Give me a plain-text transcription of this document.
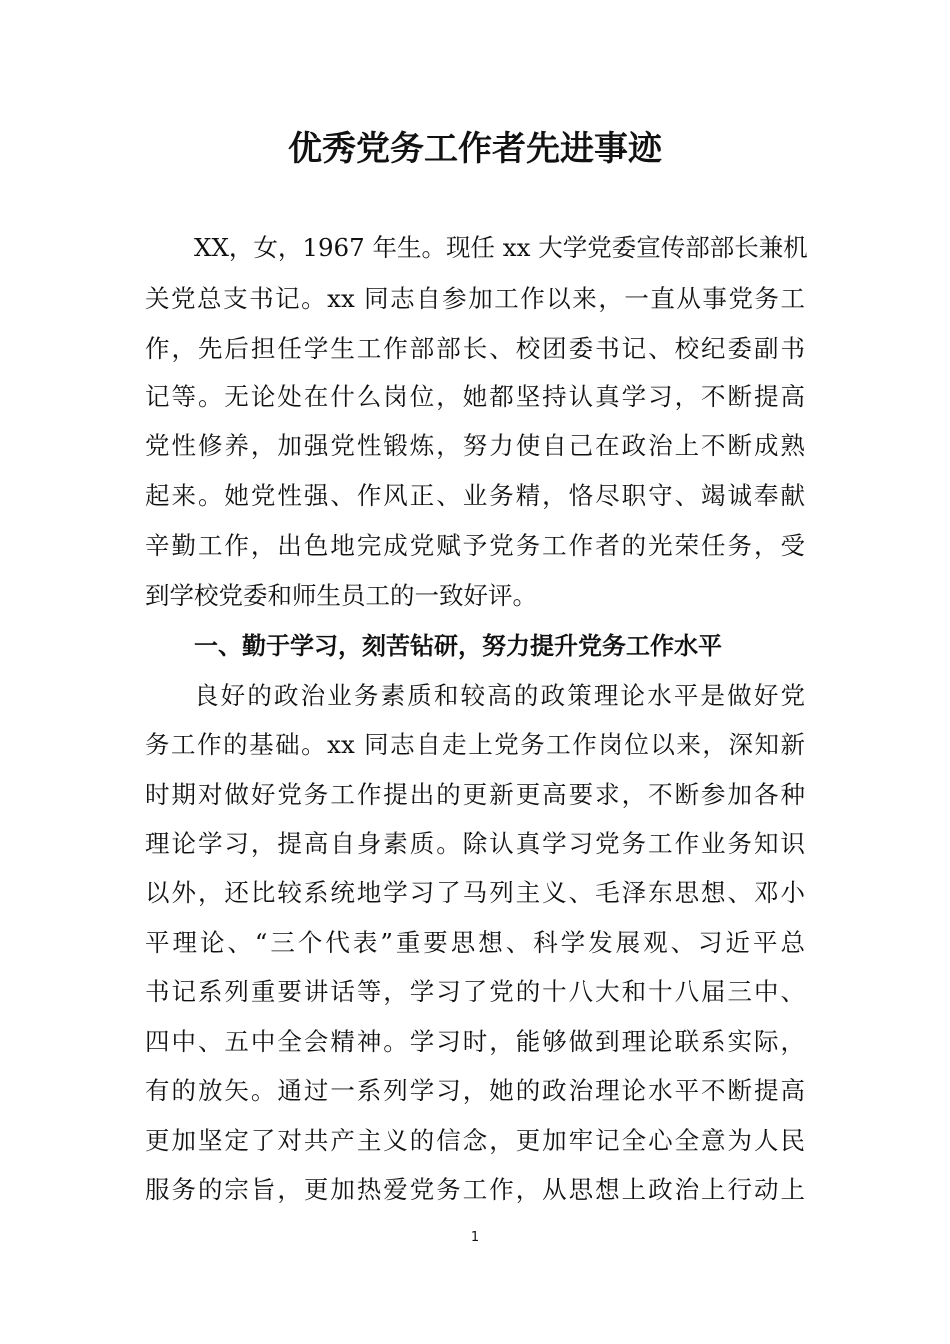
优秀党务工作者先进事迹

XX，女，1967 年生。现任 xx 大学党委宣传部部长兼机

关党总支书记。xx 同志自参加工作以来，一直从事党务工

作，先后担任学生工作部部长、校团委书记、校纪委副书

记等。无论处在什么岗位，她都坚持认真学习，不断提高

党性修养，加强党性锻炼，努力使自己在政治上不断成熟

起来。她党性强、作风正、业务精，恪尽职守、竭诚奉献

辛勤工作，出色地完成党赋予党务工作者的光荣任务，受

到学校党委和师生员工的一致好评。

一、勤于学习，刻苦钻研，努力提升党务工作水平

良好的政治业务素质和较高的政策理论水平是做好党

务工作的基础。xx 同志自走上党务工作岗位以来，深知新

时期对做好党务工作提出的更新更高要求，不断参加各种

理论学习，提高自身素质。除认真学习党务工作业务知识

以外，还比较系统地学习了马列主义、毛泽东思想、邓小

平理论、“三个代表”重要思想、科学发展观、习近平总

书记系列重要讲话等，学习了党的十八大和十八届三中、

四中、五中全会精神。学习时，能够做到理论联系实际，

有的放矢。通过一系列学习，她的政治理论水平不断提高

更加坚定了对共产主义的信念，更加牢记全心全意为人民

服务的宗旨，更加热爱党务工作，从思想上政治上行动上

1
